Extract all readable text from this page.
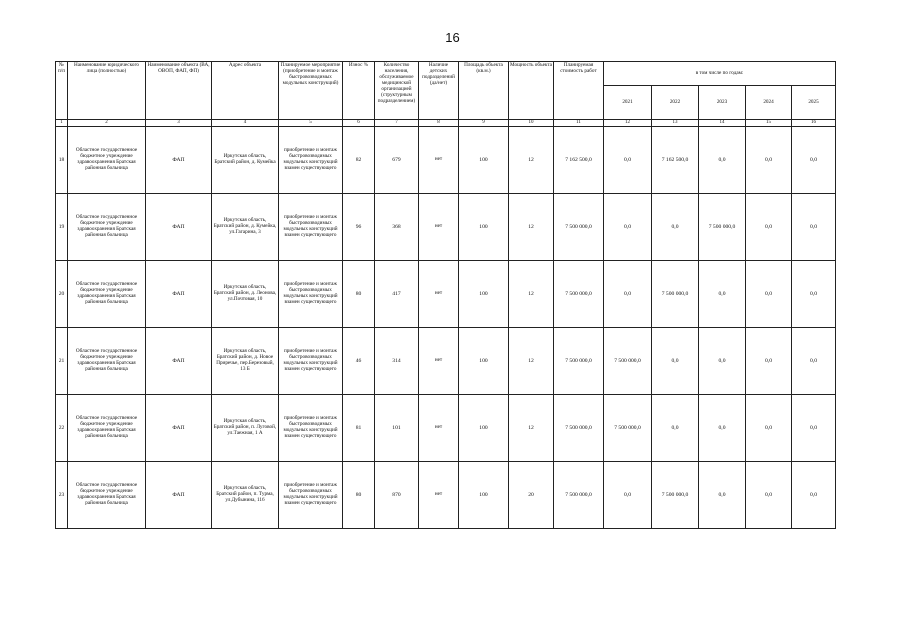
16
№ п/п	Наименование юридического лица (полностью)	Наименование объекта (ВА, ОВОП, ФАП, ФП)	Адрес объекта	Планируемое мероприятие (приобретение и монтаж быстровозводимых модульных конструкций)	Износ %	Количество населения, обслуживаемое медицинской организацией (структурным подразделением)	Наличие детских подразделений (да/нет)	Площадь объекта (кв.м.)	Мощность объекта	Планируемая стоимость работ	в том числе по годам:				
											2021	2022	2023	2024	2025
1	2	3	4	5	6	7	8	9	10	11	12	13	14	15	16
18	Областное государственное бюджетное учреждение здравоохранения Братская районная больница	ФАП	Иркутская область, Братский район, д. Кумейка	приобретение и монтаж быстровозводимых модульных конструкций взамен существующего	82	679	нет	100	12	7 162 500,0	0,0	7 162 500,0	0,0	0,0	0,0
19	Областное государственное бюджетное учреждение здравоохранения Братская районная больница	ФАП	Иркутская область, Братский район, д. Кумейка, ул.Гагарина, 3	приобретение и монтаж быстровозводимых модульных конструкций взамен существующего	96	368	нет	100	12	7 500 000,0	0,0	0,0	7 500 000,0	0,0	0,0
20	Областное государственное бюджетное учреждение здравоохранения Братская районная больница	ФАП	Иркутская область, Братский район, д. Леонова, ул.Почтовая, 10	приобретение и монтаж быстровозводимых модульных конструкций взамен существующего	80	417	нет	100	12	7 500 000,0	0,0	7 500 000,0	0,0	0,0	0,0
21	Областное государственное бюджетное учреждение здравоохранения Братская районная больница	ФАП	Иркутская область, Братский район, д. Новое Приречье, пер.Березовый, 13 Б	приобретение и монтаж быстровозводимых модульных конструкций взамен существующего	46	314	нет	100	12	7 500 000,0	7 500 000,0	0,0	0,0	0,0	0,0
22	Областное государственное бюджетное учреждение здравоохранения Братская районная больница	ФАП	Иркутская область, Братский район, п. Луговой, ул.Таежная, 1 А	приобретение и монтаж быстровозводимых модульных конструкций взамен существующего	81	101	нет	100	12	7 500 000,0	7 500 000,0	0,0	0,0	0,0	0,0
23	Областное государственное бюджетное учреждение здравоохранения Братская районная больница	ФАП	Иркутская область, Братский район, п. Турма, ул.Дубынина, 116	приобретение и монтаж быстровозводимых модульных конструкций взамен существующего	80	870	нет	100	20	7 500 000,0	0,0	7 500 000,0	0,0	0,0	0,0
